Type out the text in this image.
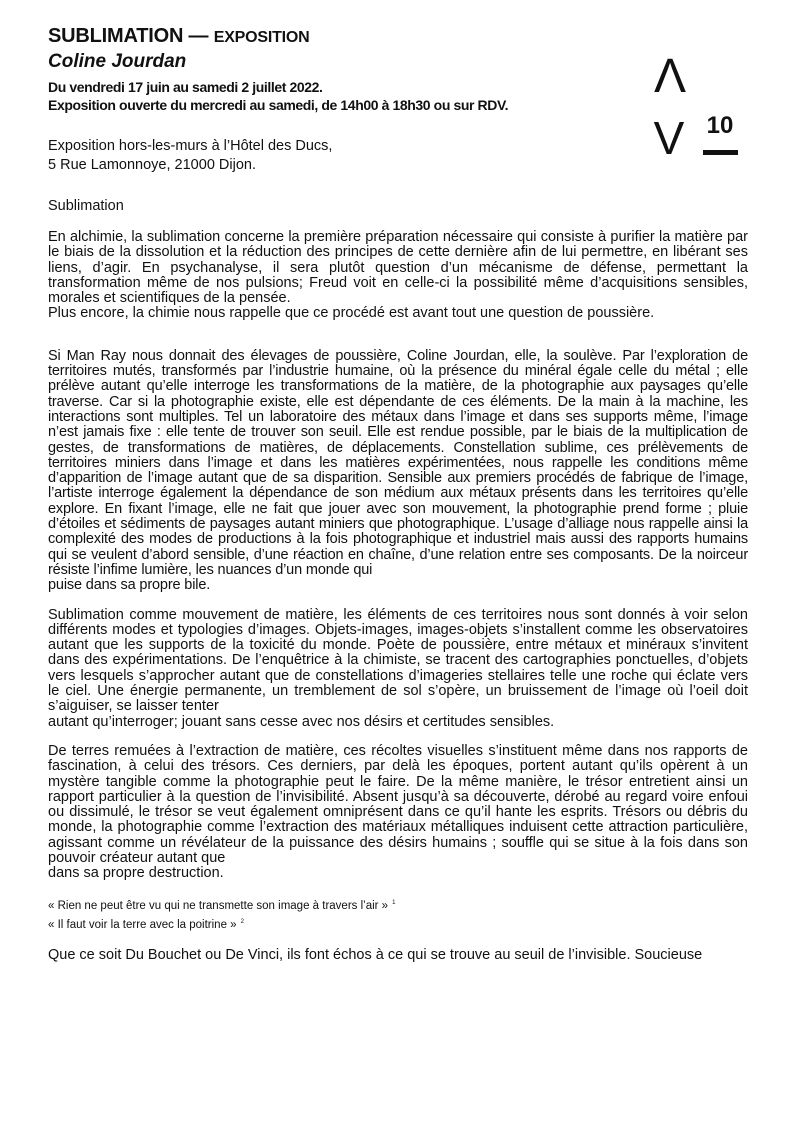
SUBLIMATION — EXPOSITION

Coline Jourdan

Du vendredi 17 juin au samedi 2 juillet 2022.
Exposition ouverte du mercredi au samedi, de 14h00 à 18h30 ou sur RDV.
Exposition hors-les-murs à l’Hôtel des Ducs,
5 Rue Lamonnoye, 21000 Dijon.
Sublimation

En alchimie, la sublimation concerne la première préparation nécessaire qui consiste à purifier la matière par le biais de la dissolution et la réduction des principes de cette dernière afin de lui permettre, en libérant ses liens, d’agir. En psychanalyse, il sera plutôt question d’un mécanisme de défense, permettant la transformation même de nos pulsions; Freud voit en celle-ci la possibilité même d’acquisitions sensibles, morales et scientifiques de la pensée.

Plus encore, la chimie nous rappelle que ce procédé est avant tout une question de poussière.

Si Man Ray nous donnait des élevages de poussière, Coline Jourdan, elle, la soulève. Par l’exploration de territoires mutés, transformés par l’industrie humaine, où la présence du minéral égale celle du métal ; elle prélève autant qu’elle interroge les transformations de la matière, de la photographie aux paysages qu’elle traverse. Car si la photographie existe, elle est dépendante de ces éléments. De la main à la machine, les interactions sont multiples. Tel un laboratoire des métaux dans l’image et dans ses supports même, l’image n’est jamais fixe : elle tente de trouver son seuil. Elle est rendue possible, par le biais de la multiplication de gestes, de transformations de matières, de déplacements. Constellation sublime, ces prélèvements de territoires miniers dans l’image et dans les matières expérimentées, nous rappelle les conditions même d’apparition de l’image autant que de sa disparition. Sensible aux premiers procédés de fabrique de l’image, l’artiste interroge également la dépendance de son médium aux métaux présents dans les territoires qu’elle explore. En fixant l’image, elle ne fait que jouer avec son mouvement, la photographie prend forme ; pluie d’étoiles et sédiments de paysages autant miniers que photographique. L’usage d’alliage nous rappelle ainsi la complexité des modes de productions à la fois photographique et industriel mais aussi des rapports humains qui se veulent d’abord sensible, d’une réaction en chaîne, d’une relation entre ses composants. De la noirceur résiste l’infime lumière, les nuances d’un monde qui

puise dans sa propre bile.

Sublimation comme mouvement de matière, les éléments de ces territoires nous sont donnés à voir selon différents modes et typologies d’images. Objets-images, images-objets s’installent comme les observatoires autant que les supports de la toxicité du monde. Poète de poussière, entre métaux et minéraux s’invitent dans des expérimentations. De l’enquêtrice à la chimiste, se tracent des cartographies ponctuelles, d’objets vers lesquels s’approcher autant que de constellations d’imageries stellaires telle une roche qui éclate vers le ciel. Une énergie permanente, un tremblement de sol s’opère, un bruissement de l’image où l’oeil doit s’aiguiser, se laisser tenter

autant qu’interroger; jouant sans cesse avec nos désirs et certitudes sensibles.

De terres remuées à l’extraction de matière, ces récoltes visuelles s’instituent même dans nos rapports de fascination, à celui des trésors. Ces derniers, par delà les époques, portent autant qu’ils opèrent à un mystère tangible comme la photographie peut le faire. De la même manière, le trésor entretient ainsi un rapport particulier à la question de l’invisibilité. Absent jusqu’à sa découverte, dérobé au regard voire enfoui ou dissimulé, le trésor se veut également omniprésent dans ce qu’il hante les esprits. Trésors ou débris du monde, la photographie comme l’extraction des matériaux métalliques induisent cette attraction particulière, agissant comme un révélateur de la puissance des désirs humains ; souffle qui se situe à la fois dans son pouvoir créateur autant que

dans sa propre destruction.

« Rien ne peut être vu qui ne transmette son image à travers l’air » $^1$
« Il faut voir la terre avec la poitrine » $^2$
Que ce soit Du Bouchet ou De Vinci, ils font échos à ce qui se trouve au seuil de l’invisible. Soucieuse
Λ
V 10
